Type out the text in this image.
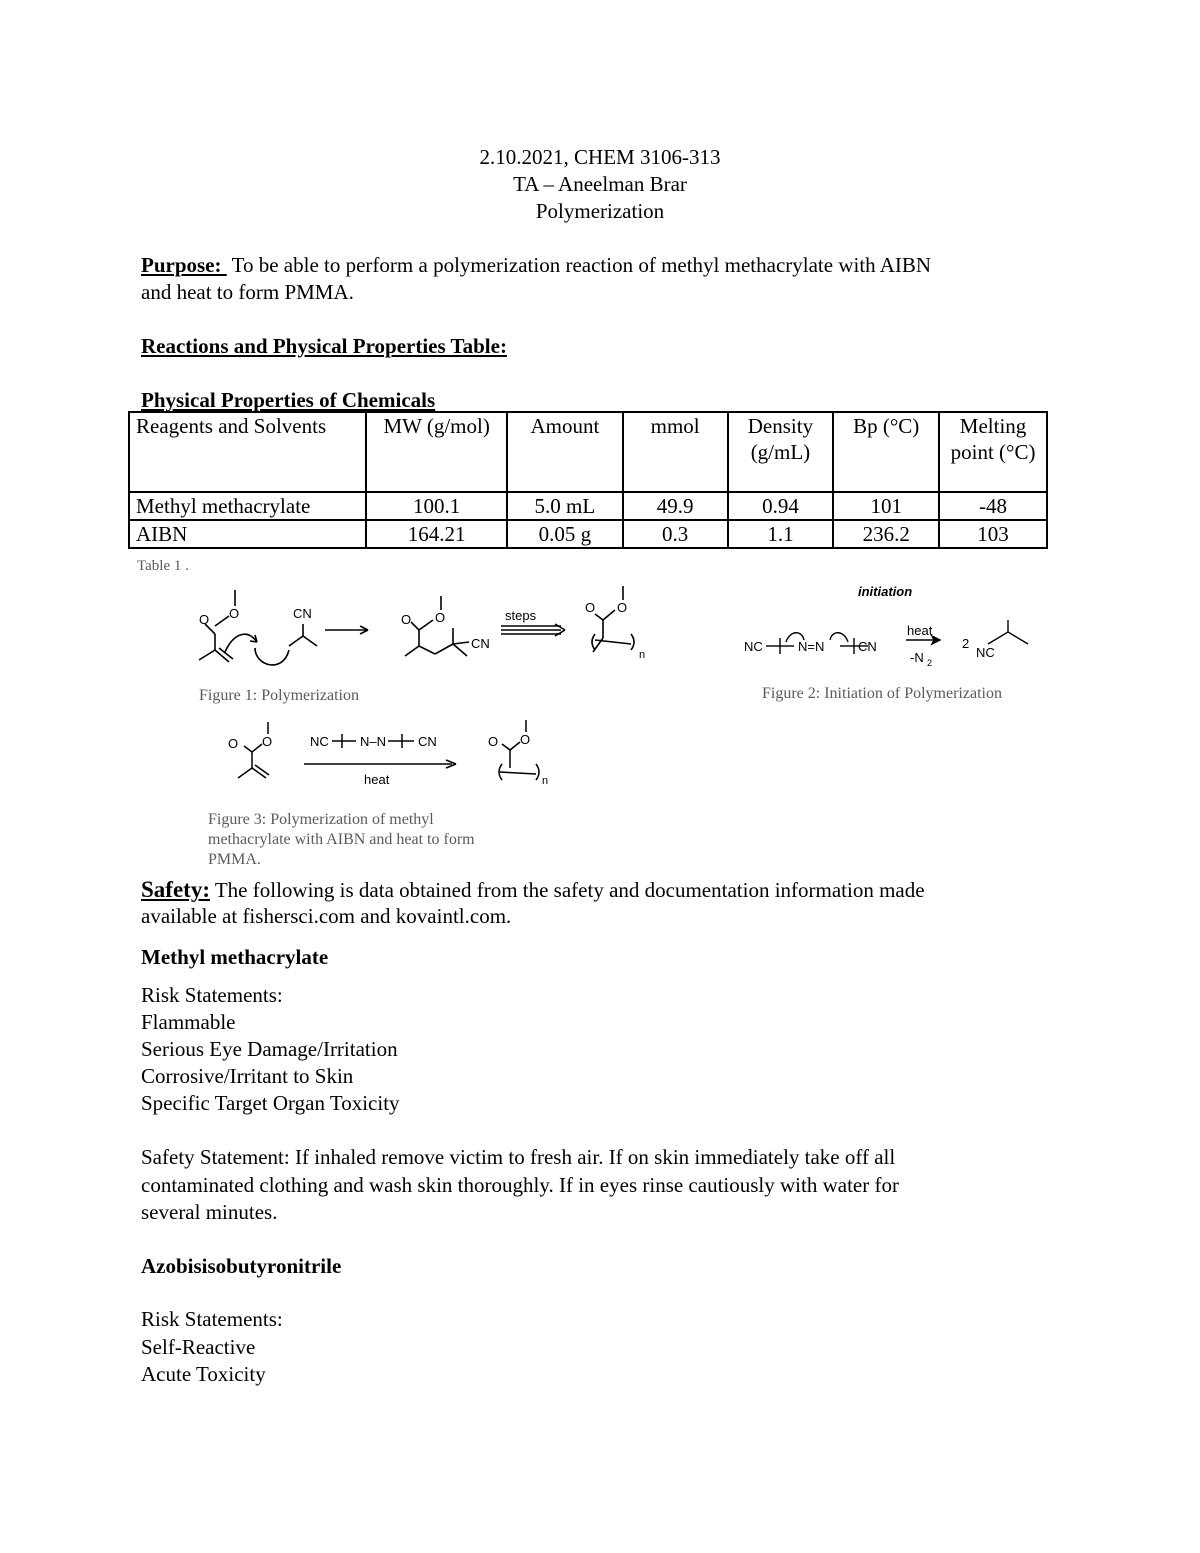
2.10.2021, CHEM 3106-313
TA – Aneelman Brar
Polymerization
Purpose:  To be able to perform a polymerization reaction of methyl methacrylate with AIBN
and heat to form PMMA.
Reactions and Physical Properties Table:
Physical Properties of Chemicals
Reagents and Solvents	MW (g/mol)	Amount	mmol	Density (g/mL)	Bp (°C)	Melting point (°C)
Methyl methacrylate	100.1	5.0 mL	49.9	0.94	101	-48
AIBN	164.21	0.05 g	0.3	1.1	236.2	103
Table 1 .
O O	CN	O O
CN
steps
O O
n
Figure 1: Polymerization
initiation
NC	N=N	CN
heat
-N 2
2
NC
Figure 2: Initiation of Polymerization
O O	NC N–N CN
heat
O O
n
Figure 3: Polymerization of methyl
methacrylate with AIBN and heat to form
PMMA.
Safety: The following is data obtained from the safety and documentation information made
available at fishersci.com and kovaintl.com.
Methyl methacrylate
Risk Statements:
Flammable
Serious Eye Damage/Irritation
Corrosive/Irritant to Skin
Specific Target Organ Toxicity
Safety Statement: If inhaled remove victim to fresh air. If on skin immediately take off all
contaminated clothing and wash skin thoroughly. If in eyes rinse cautiously with water for
several minutes.
Azobisisobutyronitrile
Risk Statements:
Self-Reactive
Acute Toxicity
